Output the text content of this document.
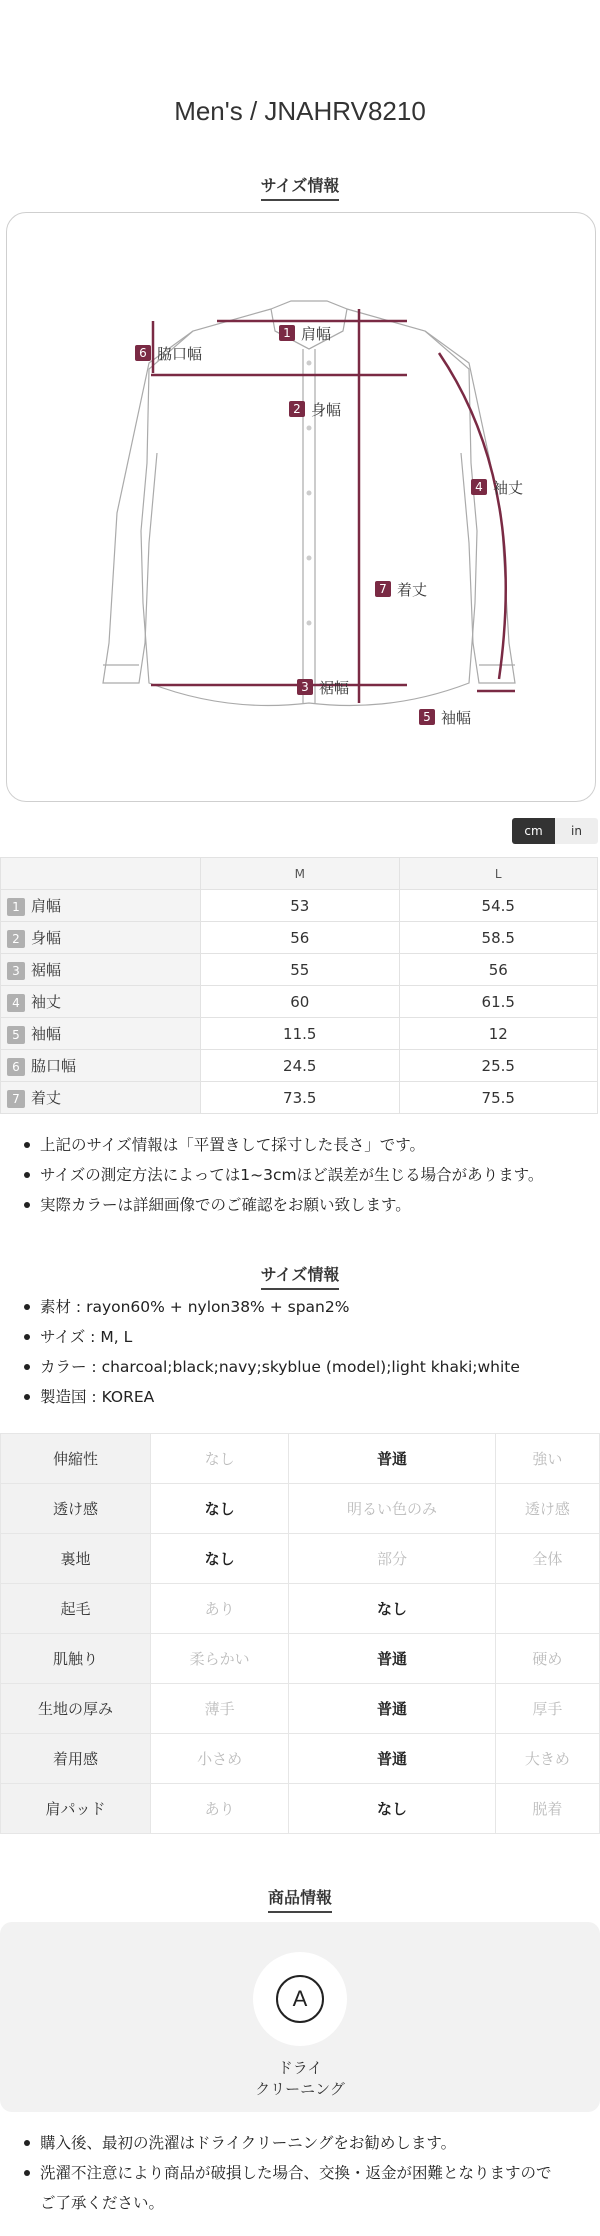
Men's / JNAHRV8210
サイズ情報
1
2
3
4
5
6
7
肩幅
身幅
裾幅
袖丈
袖幅
脇口幅
着丈
cm	in
	M	L
1 肩幅	53	54.5
2 身幅	56	58.5
3 裾幅	55	56
4 袖丈	60	61.5
5 袖幅	11.5	12
6 脇口幅	24.5	25.5
7 着丈	73.5	75.5
上記のサイズ情報は「平置きして採寸した長さ」です。
サイズの測定方法によっては1~3cmほど誤差が生じる場合があります。
実際カラーは詳細画像でのご確認をお願い致します。
サイズ情報
素材 : rayon60% + nylon38% + span2%
サイズ : M, L
カラー : charcoal;black;navy;skyblue (model);light khaki;white
製造国 : KOREA
伸縮性	なし	普通	強い
透け感	なし	明るい色のみ	透け感
裏地	なし	部分	全体
起毛	あり	なし	
肌触り	柔らかい	普通	硬め
生地の厚み	薄手	普通	厚手
着用感	小さめ	普通	大きめ
肩パッド	あり	なし	脱着
商品情報
A
ドライ
クリーニング
購入後、最初の洗濯はドライクリーニングをお勧めします。
洗濯不注意により商品が破損した場合、交換・返金が困難となりますので
ご了承ください。
